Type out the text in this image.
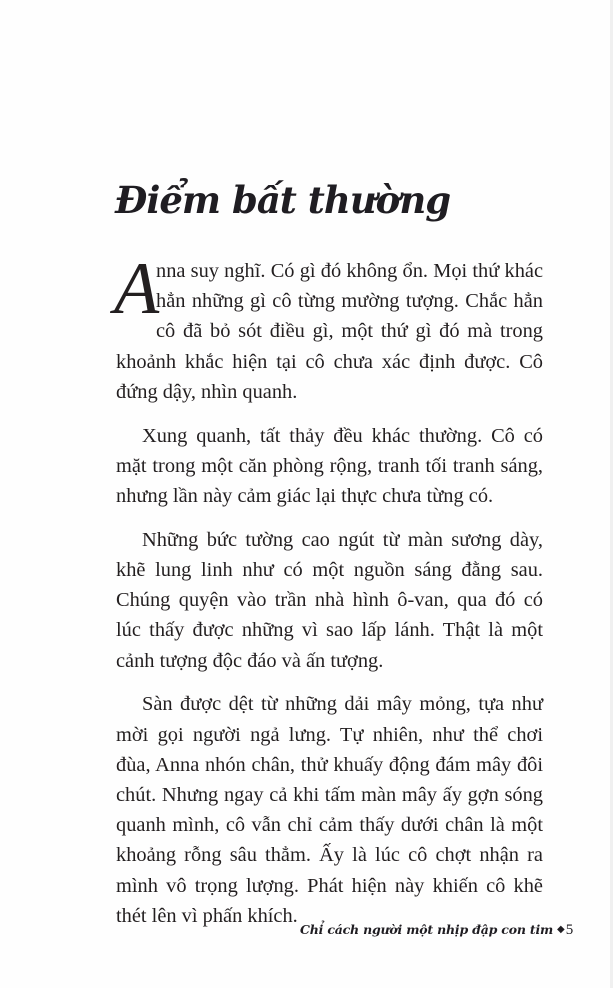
Điểm bất thường

A
nna suy nghĩ. Có gì đó không ổn. Mọi thứ khác hẳn những gì cô từng mường tượng. Chắc hẳn cô đã bỏ sót điều gì, một thứ gì đó mà trong khoảnh khắc hiện tại cô chưa xác định được. Cô đứng dậy, nhìn quanh.

Xung quanh, tất thảy đều khác thường. Cô có mặt trong một căn phòng rộng, tranh tối tranh sáng, nhưng lần này cảm giác lại thực chưa từng có.

Những bức tường cao ngút từ màn sương dày, khẽ lung linh như có một nguồn sáng đằng sau. Chúng quyện vào trần nhà hình ô-van, qua đó có lúc thấy được những vì sao lấp lánh. Thật là một cảnh tượng độc đáo và ấn tượng.

Sàn được dệt từ những dải mây mỏng, tựa như mời gọi người ngả lưng. Tự nhiên, như thể chơi đùa, Anna nhón chân, thử khuấy động đám mây đôi chút. Nhưng ngay cả khi tấm màn mây ấy gợn sóng quanh mình, cô vẫn chỉ cảm thấy dưới chân là một khoảng rỗng sâu thẳm. Ấy là lúc cô chợt nhận ra mình vô trọng lượng. Phát hiện này khiến cô khẽ thét lên vì phấn khích.

Chỉ cách người một nhịp đập con tim ◆5
